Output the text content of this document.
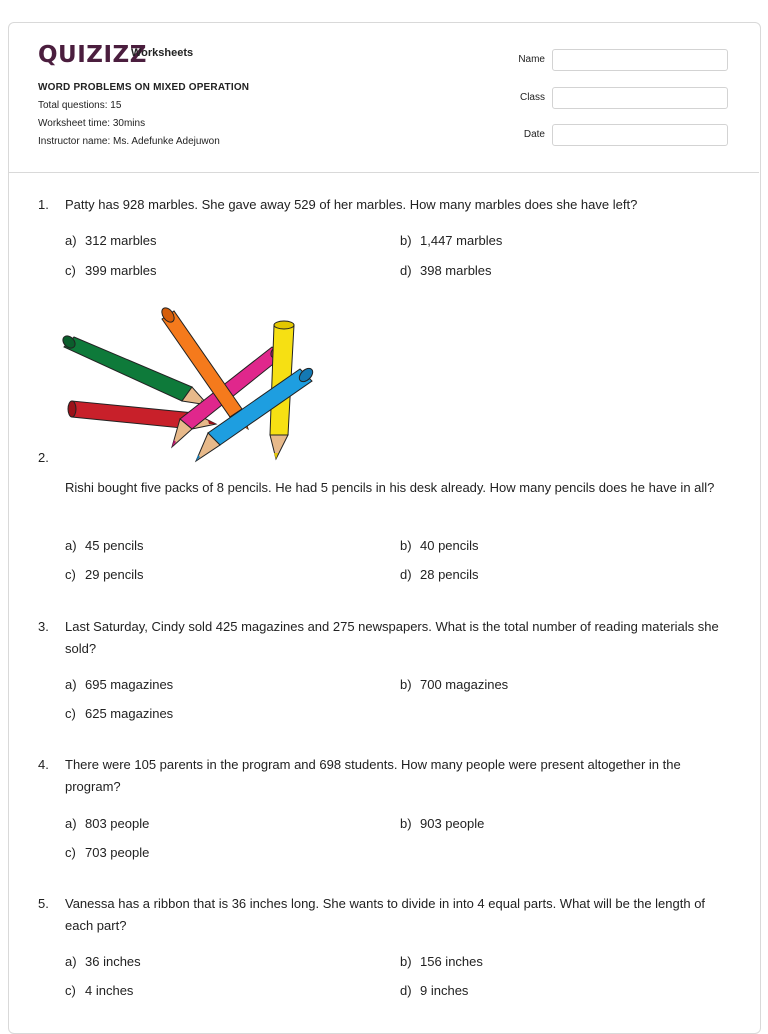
QUIZIZZ
Worksheets
WORD PROBLEMS ON MIXED OPERATION
Total questions: 15
Worksheet time: 30mins
Instructor name: Ms. Adefunke Adejuwon
Name
Class
Date
1.	Patty has 928 marbles. She gave away 529 of her marbles. How many marbles does she have left?
a) 312 marbles	b) 1,447 marbles
c) 399 marbles	d) 398 marbles
2.
Rishi bought five packs of 8 pencils. He had 5 pencils in his desk already. How many pencils does he have in all?
a) 45 pencils	b) 40 pencils
c) 29 pencils	d) 28 pencils
3.	Last Saturday, Cindy sold 425 magazines and 275 newspapers. What is the total number of reading materials she sold?
a) 695 magazines	b) 700 magazines
c) 625 magazines
4.	There were 105 parents in the program and 698 students. How many people were present altogether in the program?
a) 803 people	b) 903 people
c) 703 people
5.	Vanessa has a ribbon that is 36 inches long. She wants to divide in into 4 equal parts. What will be the length of each part?
a) 36 inches	b) 156 inches
c) 4 inches	d) 9 inches
